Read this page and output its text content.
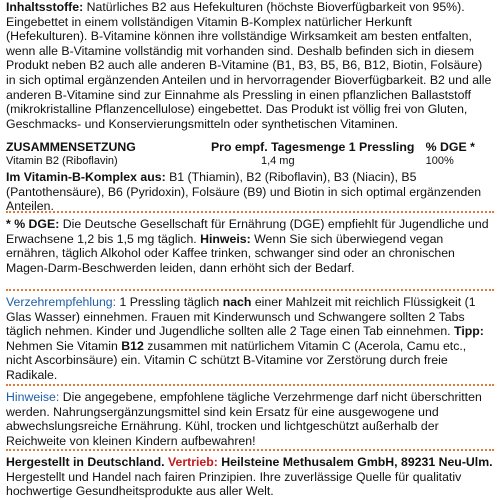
Inhaltsstoffe: Natürliches B2 aus Hefekulturen (höchste Bioverfügbarkeit von 95%). Eingebettet in einem vollständigen Vitamin B-Komplex natürlicher Herkunft (Hefekulturen). B-Vitamine können ihre vollständige Wirksamkeit am besten entfalten, wenn alle B-Vitamine vollständig mit vorhanden sind. Deshalb befinden sich in diesem Produkt neben B2 auch alle anderen B-Vitamine (B1, B3, B5, B6, B12, Biotin, Folsäure) in sich optimal ergänzenden Anteilen und in hervorragender Bioverfügbarkeit. B2 und alle anderen B-Vitamine sind zur Einnahme als Pressling in einen pflanzlichen Ballaststoff (mikrokristalline Pflanzencellulose) eingebettet. Das Produkt ist völlig frei von Gluten, Geschmacks- und Konservierungsmitteln oder synthetischen Vitaminen.

ZUSAMMENSETZUNG	Pro empf. Tagesmenge 1 Pressling	% DGE *
Vitamin B2 (Riboflavin)	1,4 mg	100%

Im Vitamin-B-Komplex aus: B1 (Thiamin), B2 (Riboflavin), B3 (Niacin), B5 (Pantothensäure), B6 (Pyridoxin), Folsäure (B9) und Biotin in sich optimal ergänzenden Anteilen.

* % DGE: Die Deutsche Gesellschaft für Ernährung (DGE) empfiehlt für Jugendliche und Erwachsene 1,2 bis 1,5 mg täglich. Hinweis: Wenn Sie sich überwiegend vegan ernähren, täglich Alkohol oder Kaffee trinken, schwanger sind oder an chronischen Magen-Darm-Beschwerden leiden, dann erhöht sich der Bedarf.

Verzehrempfehlung: 1 Pressling täglich nach einer Mahlzeit mit reichlich Flüssigkeit (1 Glas Wasser) einnehmen. Frauen mit Kinderwunsch und Schwangere sollten 2 Tabs täglich nehmen. Kinder und Jugendliche sollten alle 2 Tage einen Tab einnehmen. Tipp: Nehmen Sie Vitamin B12 zusammen mit natürlichem Vitamin C (Acerola, Camu etc., nicht Ascorbinsäure) ein. Vitamin C schützt B-Vitamine vor Zerstörung durch freie Radikale.

Hinweise: Die angegebene, empfohlene tägliche Verzehrmenge darf nicht überschritten werden. Nahrungsergänzungsmittel sind kein Ersatz für eine ausgewogene und abwechslungsreiche Ernährung. Kühl, trocken und lichtgeschützt außerhalb der Reichweite von kleinen Kindern aufbewahren!

Hergestellt in Deutschland. Vertrieb: Heilsteine Methusalem GmbH, 89231 Neu-Ulm. Hergestellt und Handel nach fairen Prinzipien. Ihre zuverlässige Quelle für qualitativ hochwertige Gesundheitsprodukte aus aller Welt.
